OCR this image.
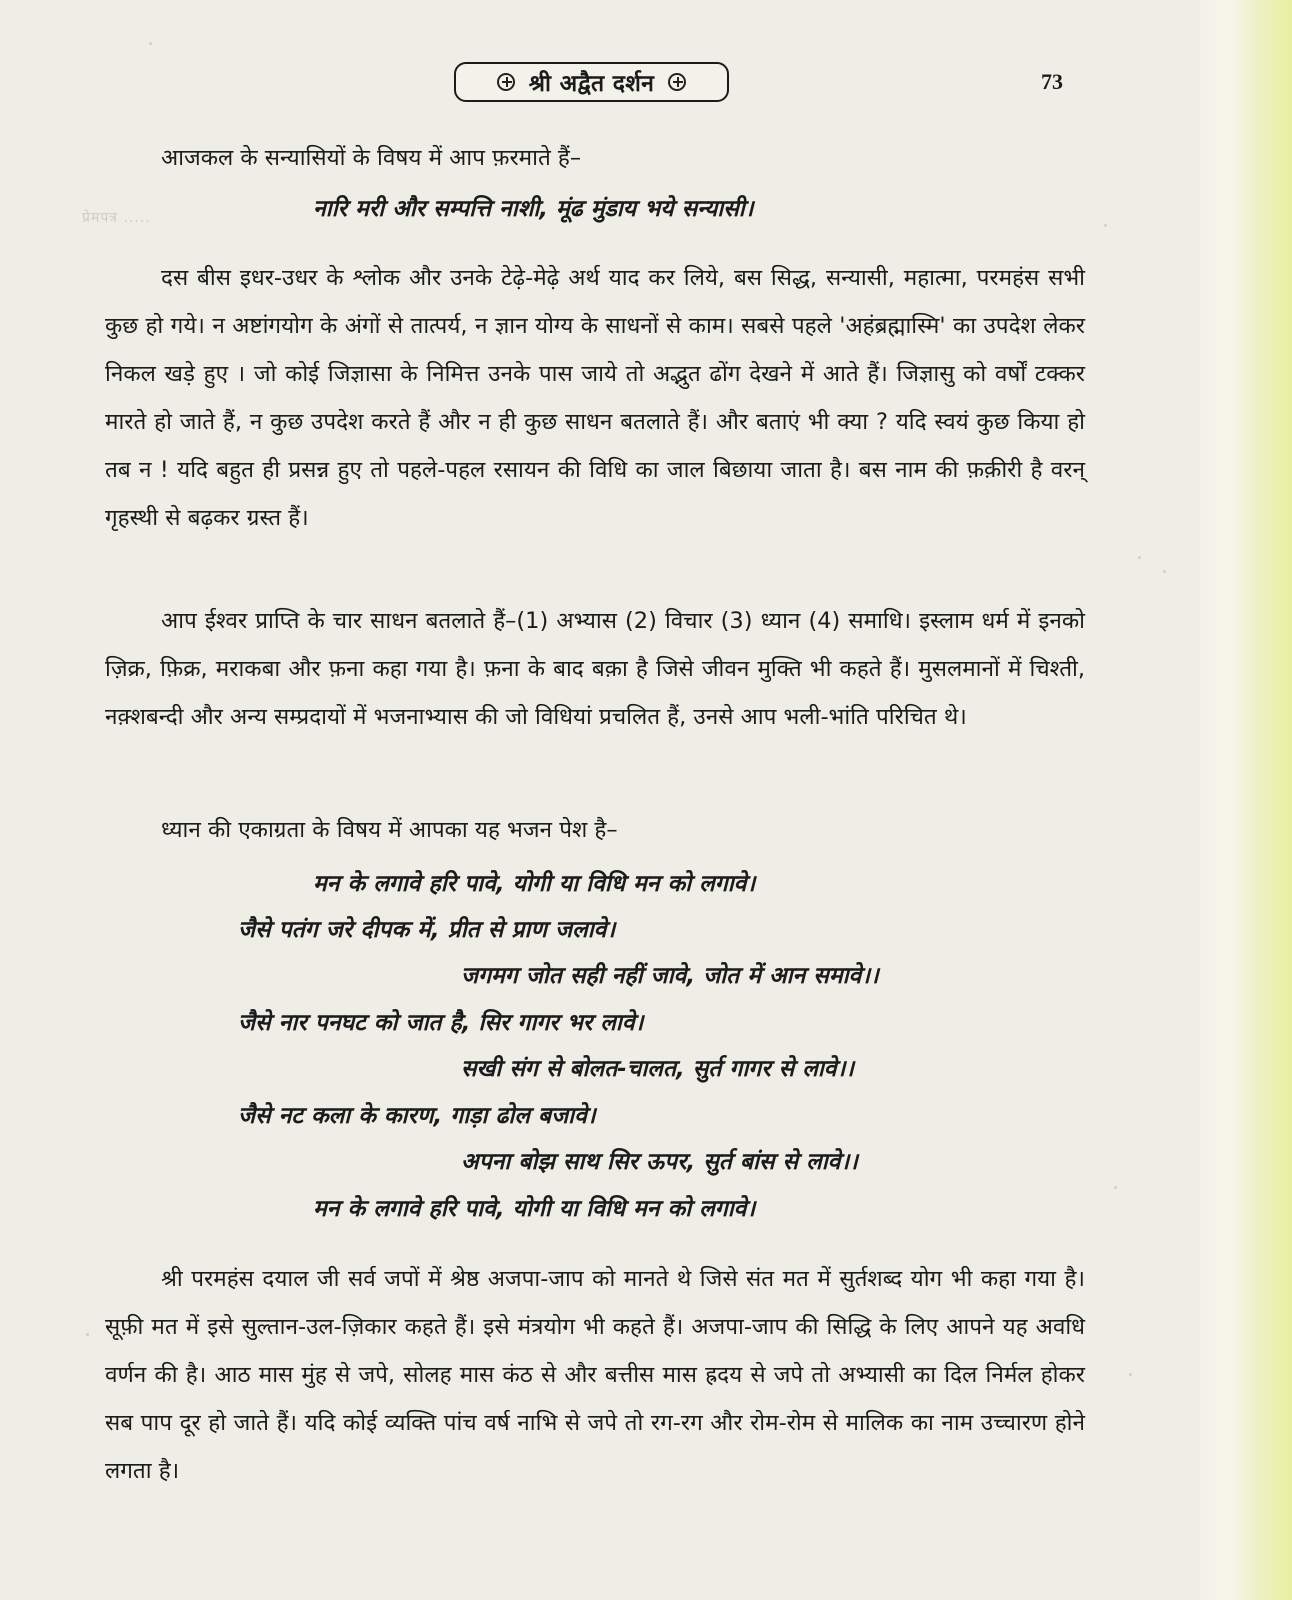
श्री अद्वैत दर्शन	73
प्रेमपत्र .....

आजकल के सन्यासियों के विषय में आप फ़रमाते हैं–

नारि मरी और सम्पत्ति नाशी, मूंढ मुंडाय भये सन्यासी।

दस बीस इधर-उधर के श्लोक और उनके टेढ़े-मेढ़े अर्थ याद कर लिये, बस सिद्ध, सन्यासी, महात्मा, परमहंस सभी कुछ हो गये। न अष्टांगयोग के अंगों से तात्पर्य, न ज्ञान योग्य के साधनों से काम। सबसे पहले 'अहंब्रह्मास्मि' का उपदेश लेकर निकल खड़े हुए । जो कोई जिज्ञासा के निमित्त उनके पास जाये तो अद्भुत ढोंग देखने में आते हैं। जिज्ञासु को वर्षों टक्कर मारते हो जाते हैं, न कुछ उपदेश करते हैं और न ही कुछ साधन बतलाते हैं। और बताएं भी क्या ? यदि स्वयं कुछ किया हो तब न ! यदि बहुत ही प्रसन्न हुए तो पहले-पहल रसायन की विधि का जाल बिछाया जाता है। बस नाम की फ़क़ीरी है वरन् गृहस्थी से बढ़कर ग्रस्त हैं।

आप ईश्वर प्राप्ति के चार साधन बतलाते हैं–(1) अभ्यास (2) विचार (3) ध्यान (4) समाधि। इस्लाम धर्म में इनको ज़िक्र, फ़िक्र, मराकबा और फ़ना कहा गया है। फ़ना के बाद बक़ा है जिसे जीवन मुक्ति भी कहते हैं। मुसलमानों में चिश्ती, नक़्शबन्दी और अन्य सम्प्रदायों में भजनाभ्यास की जो विधियां प्रचलित हैं, उनसे आप भली-भांति परिचित थे।

ध्यान की एकाग्रता के विषय में आपका यह भजन पेश है–

मन के लगावे हरि पावे, योगी या विधि मन को लगावे।
जैसे पतंग जरे दीपक में, प्रीत से प्राण जलावे।
जगमग जोत सही नहीं जावे, जोत में आन समावे।।
जैसे नार पनघट को जात है, सिर गागर भर लावे।
सखी संग से बोलत-चालत, सुर्त गागर से लावे।।
जैसे नट कला के कारण, गाड़ा ढोल बजावे।
अपना बोझ साथ सिर ऊपर, सुर्त बांस से लावे।।
मन के लगावे हरि पावे, योगी या विधि मन को लगावे।

श्री परमहंस दयाल जी सर्व जपों में श्रेष्ठ अजपा-जाप को मानते थे जिसे संत मत में सुर्तशब्द योग भी कहा गया है। सूफ़ी मत में इसे सुल्तान-उल-ज़िकार कहते हैं। इसे मंत्रयोग भी कहते हैं। अजपा-जाप की सिद्धि के लिए आपने यह अवधि वर्णन की है। आठ मास मुंह से जपे, सोलह मास कंठ से और बत्तीस मास ह्रदय से जपे तो अभ्यासी का दिल निर्मल होकर सब पाप दूर हो जाते हैं। यदि कोई व्यक्ति पांच वर्ष नाभि से जपे तो रग-रग और रोम-रोम से मालिक का नाम उच्चारण होने लगता है।
